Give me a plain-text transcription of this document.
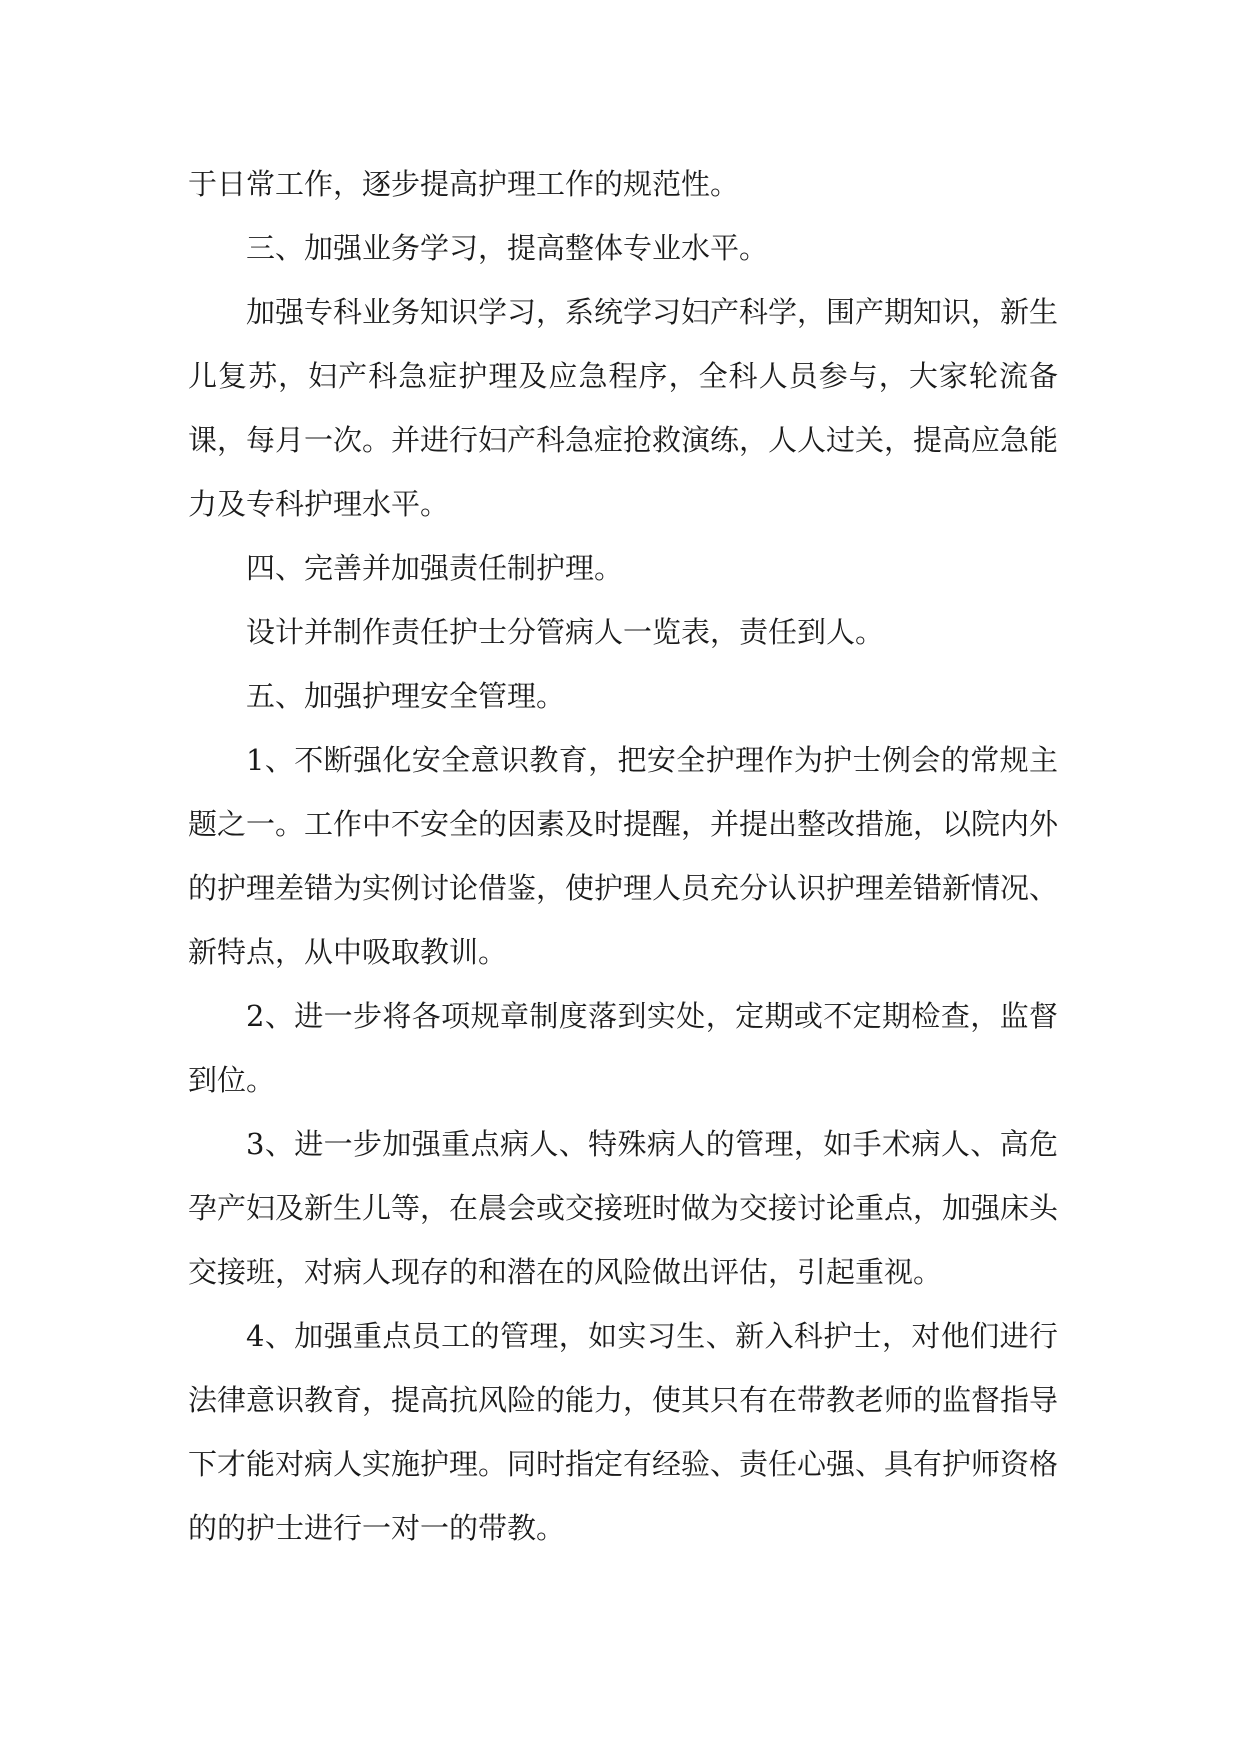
于日常工作，逐步提高护理工作的规范性。

三、加强业务学习，提高整体专业水平。

加强专科业务知识学习，系统学习妇产科学，围产期知识，新生儿复苏，妇产科急症护理及应急程序，全科人员参与，大家轮流备课，每月一次。并进行妇产科急症抢救演练，人人过关，提高应急能力及专科护理水平。

四、完善并加强责任制护理。

设计并制作责任护士分管病人一览表，责任到人。

五、加强护理安全管理。

1、不断强化安全意识教育，把安全护理作为护士例会的常规主题之一。工作中不安全的因素及时提醒，并提出整改措施，以院内外的护理差错为实例讨论借鉴，使护理人员充分认识护理差错新情况、新特点，从中吸取教训。

2、进一步将各项规章制度落到实处，定期或不定期检查，监督到位。

3、进一步加强重点病人、特殊病人的管理，如手术病人、高危孕产妇及新生儿等，在晨会或交接班时做为交接讨论重点，加强床头交接班，对病人现存的和潜在的风险做出评估，引起重视。

4、加强重点员工的管理，如实习生、新入科护士，对他们进行法律意识教育，提高抗风险的能力，使其只有在带教老师的监督指导下才能对病人实施护理。同时指定有经验、责任心强、具有护师资格的的护士进行一对一的带教。
